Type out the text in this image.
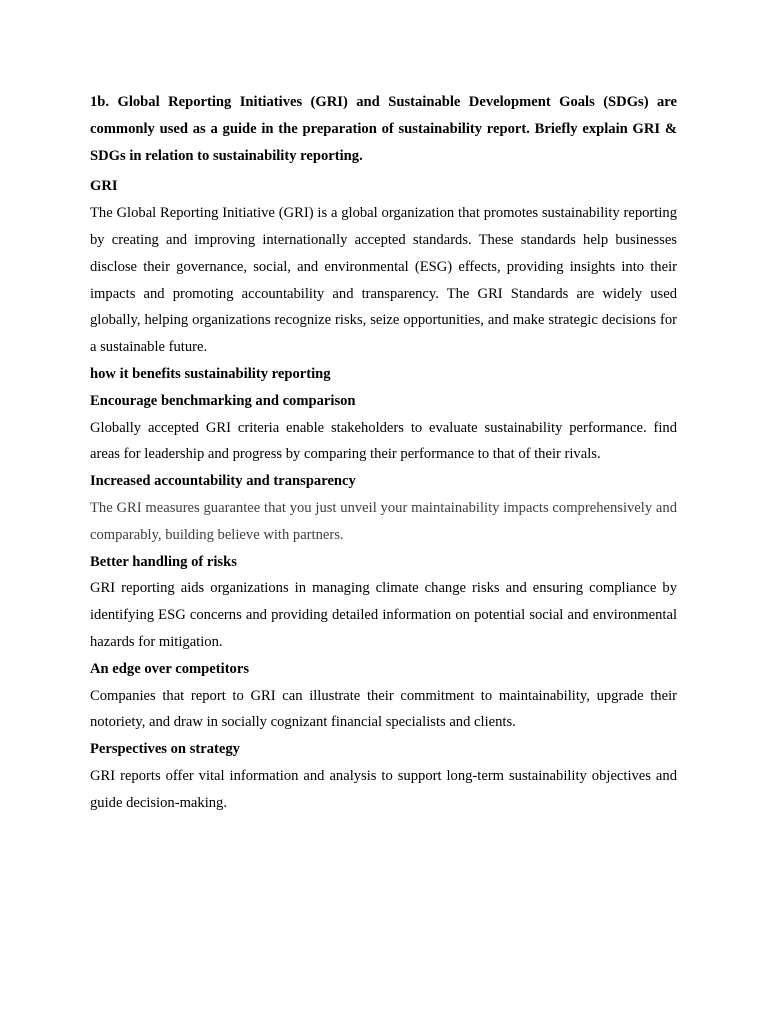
1b. Global Reporting Initiatives (GRI) and Sustainable Development Goals (SDGs) are commonly used as a guide in the preparation of sustainability report. Briefly explain GRI & SDGs in relation to sustainability reporting.

GRI

The Global Reporting Initiative (GRI) is a global organization that promotes sustainability reporting by creating and improving internationally accepted standards. These standards help businesses disclose their governance, social, and environmental (ESG) effects, providing insights into their impacts and promoting accountability and transparency. The GRI Standards are widely used globally, helping organizations recognize risks, seize opportunities, and make strategic decisions for a sustainable future.

how it benefits sustainability reporting

Encourage benchmarking and comparison

Globally accepted GRI criteria enable stakeholders to evaluate sustainability performance. find areas for leadership and progress by comparing their performance to that of their rivals.

Increased accountability and transparency

The GRI measures guarantee that you just unveil your maintainability impacts comprehensively and comparably, building believe with partners.

Better handling of risks

GRI reporting aids organizations in managing climate change risks and ensuring compliance by identifying ESG concerns and providing detailed information on potential social and environmental hazards for mitigation.

An edge over competitors

Companies that report to GRI can illustrate their commitment to maintainability, upgrade their notoriety, and draw in socially cognizant financial specialists and clients.

Perspectives on strategy

GRI reports offer vital information and analysis to support long-term sustainability objectives and guide decision-making.
